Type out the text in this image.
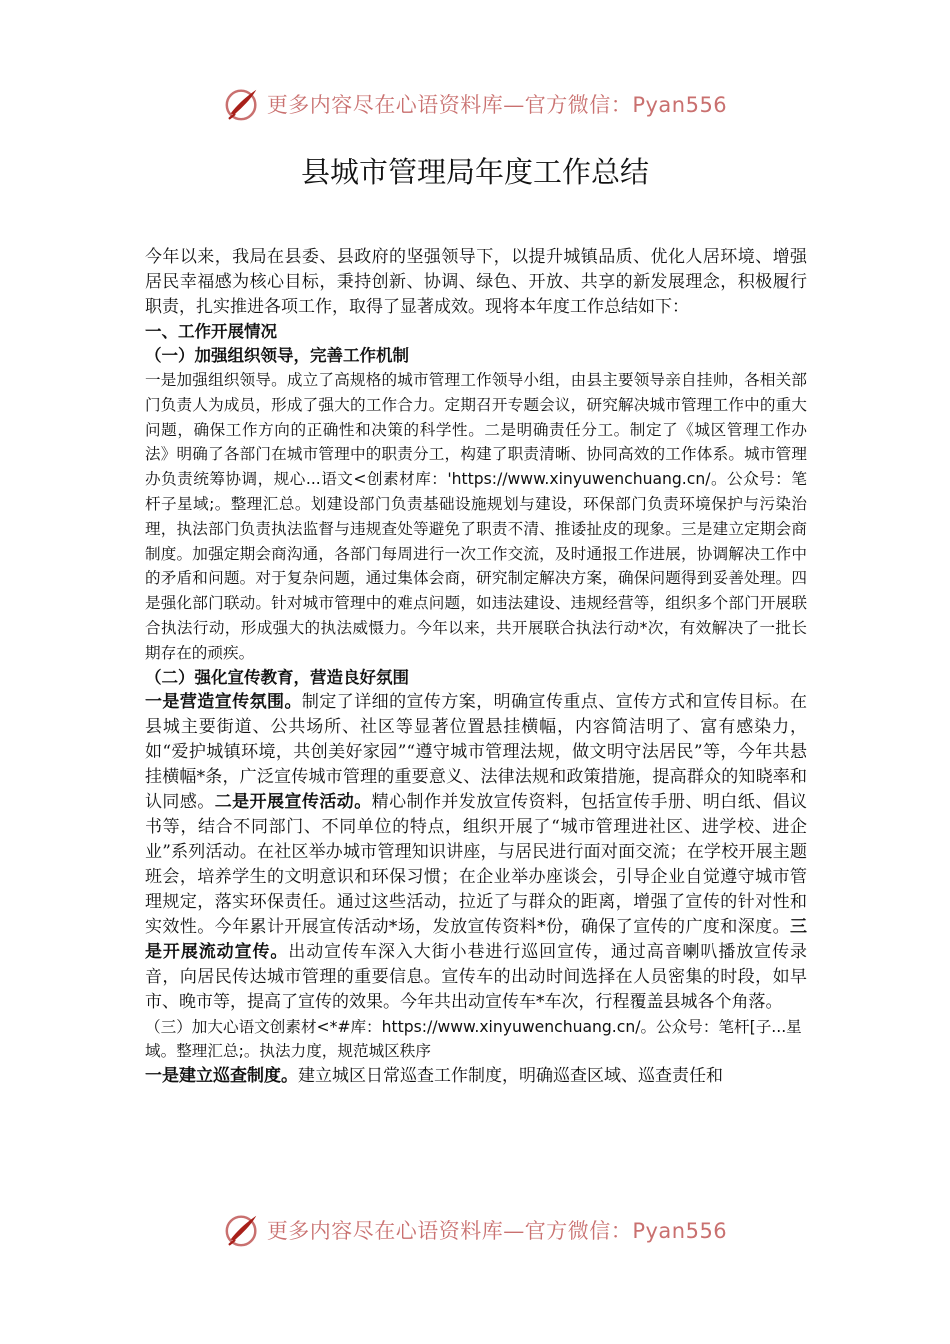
更多内容尽在心语资料库—官方微信：Pyan556
县城市管理局年度工作总结

今年以来，我局在县委、县政府的坚强领导下，以提升城镇品质、优化人居环境、增强居民幸福感为核心目标，秉持创新、协调、绿色、开放、共享的新发展理念，积极履行职责，扎实推进各项工作，取得了显著成效。现将本年度工作总结如下：

一、工作开展情况

（一）加强组织领导，完善工作机制

一是加强组织领导。成立了高规格的城市管理工作领导小组，由县主要领导亲自挂帅，各相关部门负责人为成员，形成了强大的工作合力。定期召开专题会议，研究解决城市管理工作中的重大问题，确保工作方向的正确性和决策的科学性。二是明确责任分工。制定了《城区管理工作办法》明确了各部门在城市管理中的职责分工，构建了职责清晰、协同高效的工作体系。城市管理办负责统筹协调，规心...语文<创素材库：'https://www.xinyuwenchuang.cn/。公众号：笔杆子星域;。整理汇总。划建设部门负责基础设施规划与建设，环保部门负责环境保护与污染治理，执法部门负责执法监督与违规查处等避免了职责不清、推诿扯皮的现象。三是建立定期会商制度。加强定期会商沟通，各部门每周进行一次工作交流，及时通报工作进展，协调解决工作中的矛盾和问题。对于复杂问题，通过集体会商，研究制定解决方案，确保问题得到妥善处理。四是强化部门联动。针对城市管理中的难点问题，如违法建设、违规经营等，组织多个部门开展联合执法行动，形成强大的执法威慑力。今年以来，共开展联合执法行动*次，有效解决了一批长期存在的顽疾。

（二）强化宣传教育，营造良好氛围

一是营造宣传氛围。制定了详细的宣传方案，明确宣传重点、宣传方式和宣传目标。在县城主要街道、公共场所、社区等显著位置悬挂横幅，内容简洁明了、富有感染力，如“爱护城镇环境，共创美好家园”“遵守城市管理法规，做文明守法居民”等，今年共悬挂横幅*条，广泛宣传城市管理的重要意义、法律法规和政策措施，提高群众的知晓率和认同感。二是开展宣传活动。精心制作并发放宣传资料，包括宣传手册、明白纸、倡议书等，结合不同部门、不同单位的特点，组织开展了“城市管理进社区、进学校、进企业”系列活动。在社区举办城市管理知识讲座，与居民进行面对面交流；在学校开展主题班会，培养学生的文明意识和环保习惯；在企业举办座谈会，引导企业自觉遵守城市管理规定，落实环保责任。通过这些活动，拉近了与群众的距离，增强了宣传的针对性和实效性。今年累计开展宣传活动*场，发放宣传资料*份，确保了宣传的广度和深度。三是开展流动宣传。出动宣传车深入大街小巷进行巡回宣传，通过高音喇叭播放宣传录音，向居民传达城市管理的重要信息。宣传车的出动时间选择在人员密集的时段，如早市、晚市等，提高了宣传的效果。今年共出动宣传车*车次，行程覆盖县城各个角落。

（三）加大心语文创素材<*#库：https://www.xinyuwenchuang.cn/。公众号：笔杆[子...星域。整理汇总;。执法力度，规范城区秩序

一是建立巡查制度。建立城区日常巡查工作制度，明确巡查区域、巡查责任和

更多内容尽在心语资料库—官方微信：Pyan556
